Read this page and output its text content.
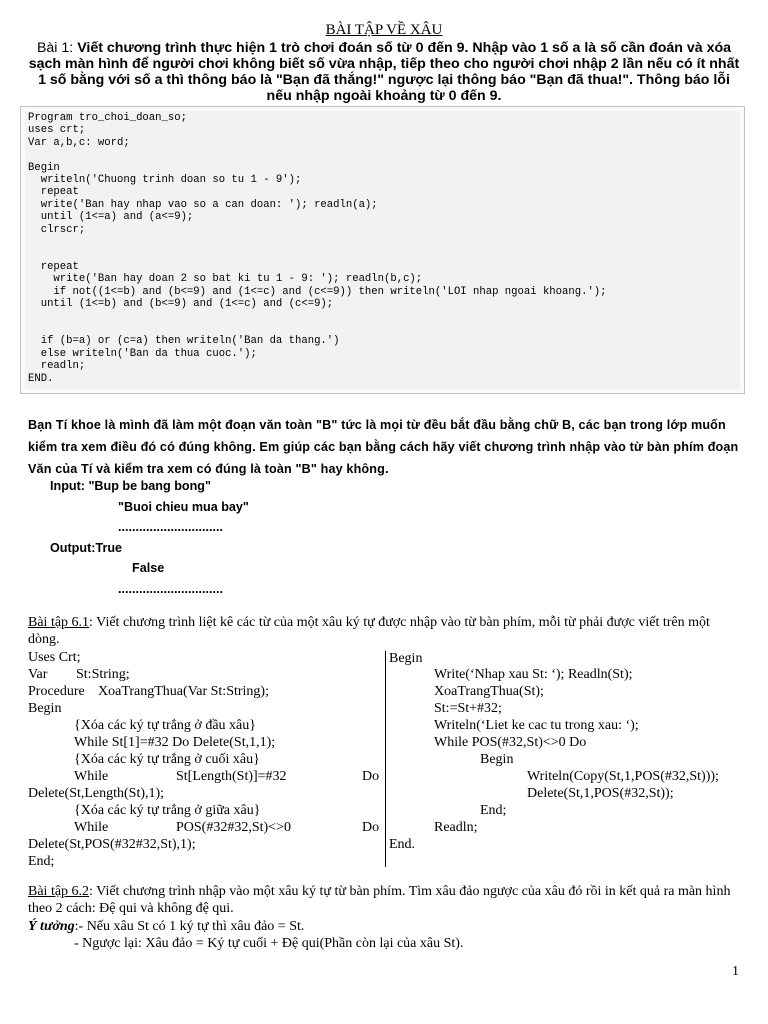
BÀI TẬP VỀ XÂU
Bài 1: Viết chương trình thực hiện 1 trò chơi đoán số từ 0 đến 9. Nhập vào 1 số a là số cần đoán và xóa sạch màn hình để người chơi không biết số vừa nhập, tiếp theo cho người chơi nhập 2 lần nếu có ít nhất 1 số bằng với số a thì thông báo là "Bạn đã thắng!" ngược lại thông báo "Bạn đã thua!". Thông báo lỗi nếu nhập ngoài khoảng từ 0 đến 9.
Program tro_choi_doan_so;
uses crt;
Var a,b,c: word;

Begin
writeln('Chuong trinh doan so tu 1 - 9');
repeat
write('Ban hay nhap vao so a can doan: '); readln(a);
until (1<=a) and (a<=9);
clrscr;

repeat
write('Ban hay doan 2 so bat ki tu 1 - 9: '); readln(b,c);
if not((1<=b) and (b<=9) and (1<=c) and (c<=9)) then writeln('LOI nhap ngoai khoang.');
until (1<=b) and (b<=9) and (1<=c) and (c<=9);

if (b=a) or (c=a) then writeln('Ban da thang.')
else writeln('Ban da thua cuoc.');
readln;
END.
Bạn Tí khoe là mình đã làm một đoạn văn toàn "B" tức là mọi từ đều bắt đầu bằng chữ B, các bạn trong lớp muốn kiểm tra xem điều đó có đúng không. Em giúp các bạn bằng cách hãy viết chương trình nhập vào từ bàn phím đoạn Văn của Tí và kiểm tra xem có đúng là toàn "B" hay không.
Input: "Bup be bang bong"
"Buoi chieu mua bay"
..............................
Output:True
False
..............................
Bài tập 6.1: Viết chương trình liệt kê các từ của một xâu ký tự được nhập vào từ bàn phím, mỗi từ phải được viết trên một dòng.
Uses Crt;
Var St:String;
Procedure XoaTrangThua(Var St:String);
Begin
{Xóa các ký tự trắng ở đầu xâu}
While St[1]=#32 Do Delete(St,1,1);
{Xóa các ký tự trắng ở cuối xâu}
While	St[Length(St)]=#32	Do
Delete(St,Length(St),1);
{Xóa các ký tự trắng ở giữa xâu}
While	POS(#32#32,St)<>0	Do
Delete(St,POS(#32#32,St),1);
End;
Begin
Write(‘Nhap xau St: ‘); Readln(St);
XoaTrangThua(St);
St:=St+#32;
Writeln(‘Liet ke cac tu trong xau: ‘);
While POS(#32,St)<>0 Do
Begin
Writeln(Copy(St,1,POS(#32,St)));
Delete(St,1,POS(#32,St));
End;
Readln;
End.
Bài tập 6.2: Viết chương trình nhập vào một xâu ký tự từ bàn phím. Tìm xâu đảo ngược của xâu đó rồi in kết quả ra màn hình theo 2 cách: Đệ qui và không đệ qui.
Ý tưởng:- Nếu xâu St có 1 ký tự thì xâu đảo = St.
- Ngược lại: Xâu đảo = Ký tự cuối + Đệ qui(Phần còn lại của xâu St).
1
